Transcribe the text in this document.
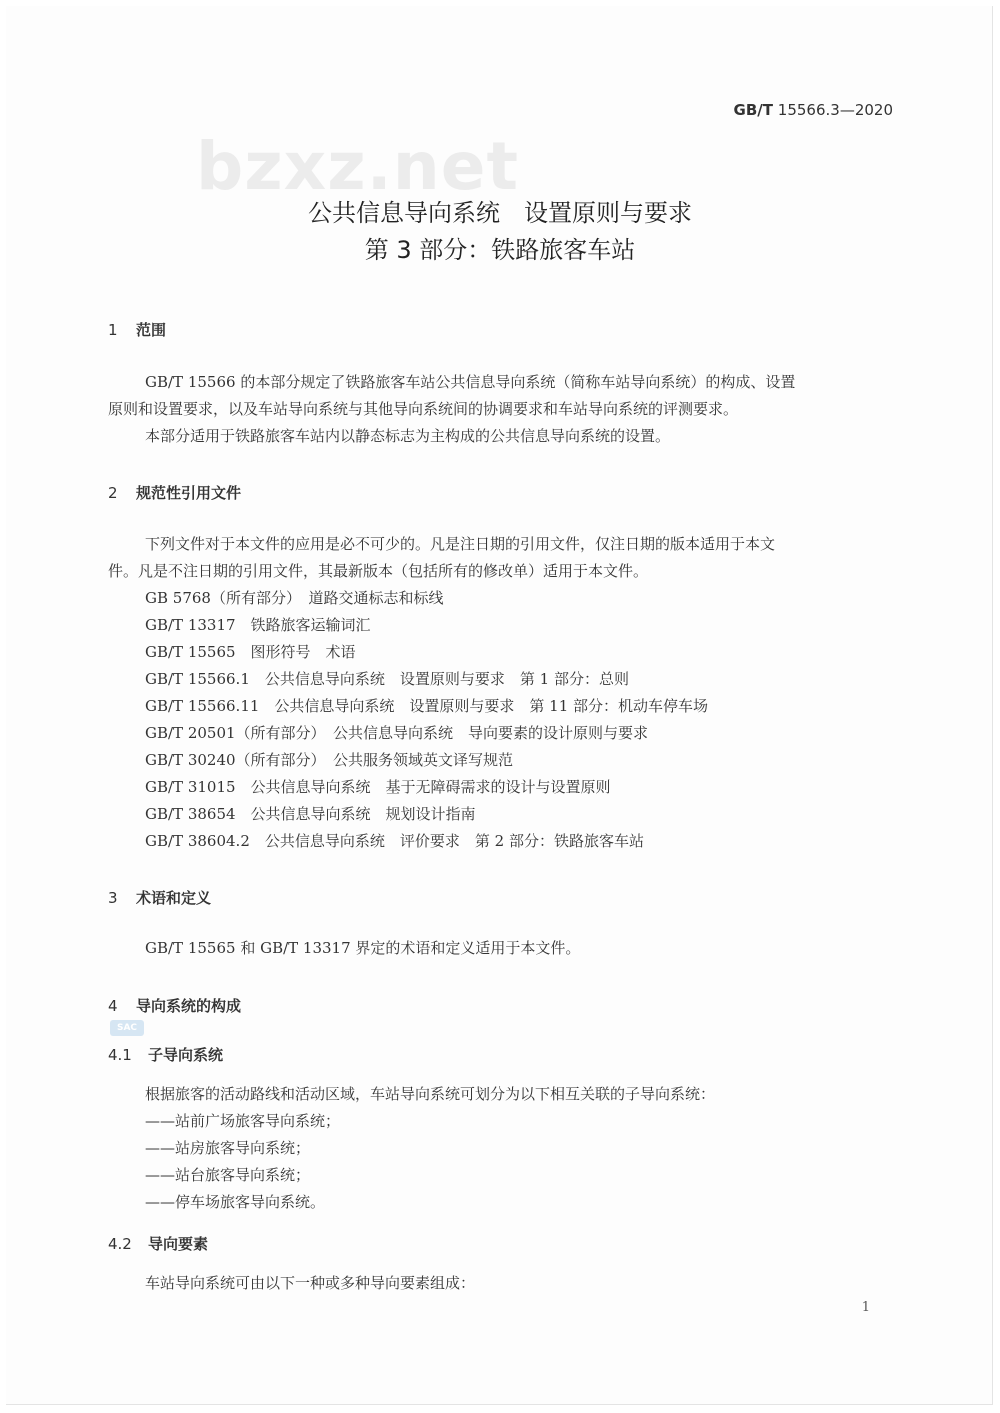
GB/T 15566.3—2020
bzxz.net
公共信息导向系统　设置原则与要求
第 3 部分：铁路旅客车站
1 范围
GB/T 15566 的本部分规定了铁路旅客车站公共信息导向系统（简称车站导向系统）的构成、设置
原则和设置要求，以及车站导向系统与其他导向系统间的协调要求和车站导向系统的评测要求。
本部分适用于铁路旅客车站内以静态标志为主构成的公共信息导向系统的设置。
2 规范性引用文件
下列文件对于本文件的应用是必不可少的。凡是注日期的引用文件，仅注日期的版本适用于本文
件。凡是不注日期的引用文件，其最新版本（包括所有的修改单）适用于本文件。
GB 5768（所有部分）　道路交通标志和标线
GB/T 13317　铁路旅客运输词汇
GB/T 15565　图形符号　术语
GB/T 15566.1　公共信息导向系统　设置原则与要求　第 1 部分：总则
GB/T 15566.11　公共信息导向系统　设置原则与要求　第 11 部分：机动车停车场
GB/T 20501（所有部分）　公共信息导向系统　导向要素的设计原则与要求
GB/T 30240（所有部分）　公共服务领域英文译写规范
GB/T 31015　公共信息导向系统　基于无障碍需求的设计与设置原则
GB/T 38654　公共信息导向系统　规划设计指南
GB/T 38604.2　公共信息导向系统　评价要求　第 2 部分：铁路旅客车站
3 术语和定义
GB/T 15565 和 GB/T 13317 界定的术语和定义适用于本文件。
4 导向系统的构成
SAC
4.1 子导向系统
根据旅客的活动路线和活动区域，车站导向系统可划分为以下相互关联的子导向系统：
——站前广场旅客导向系统；
——站房旅客导向系统；
——站台旅客导向系统；
——停车场旅客导向系统。
4.2 导向要素
车站导向系统可由以下一种或多种导向要素组成：
1
